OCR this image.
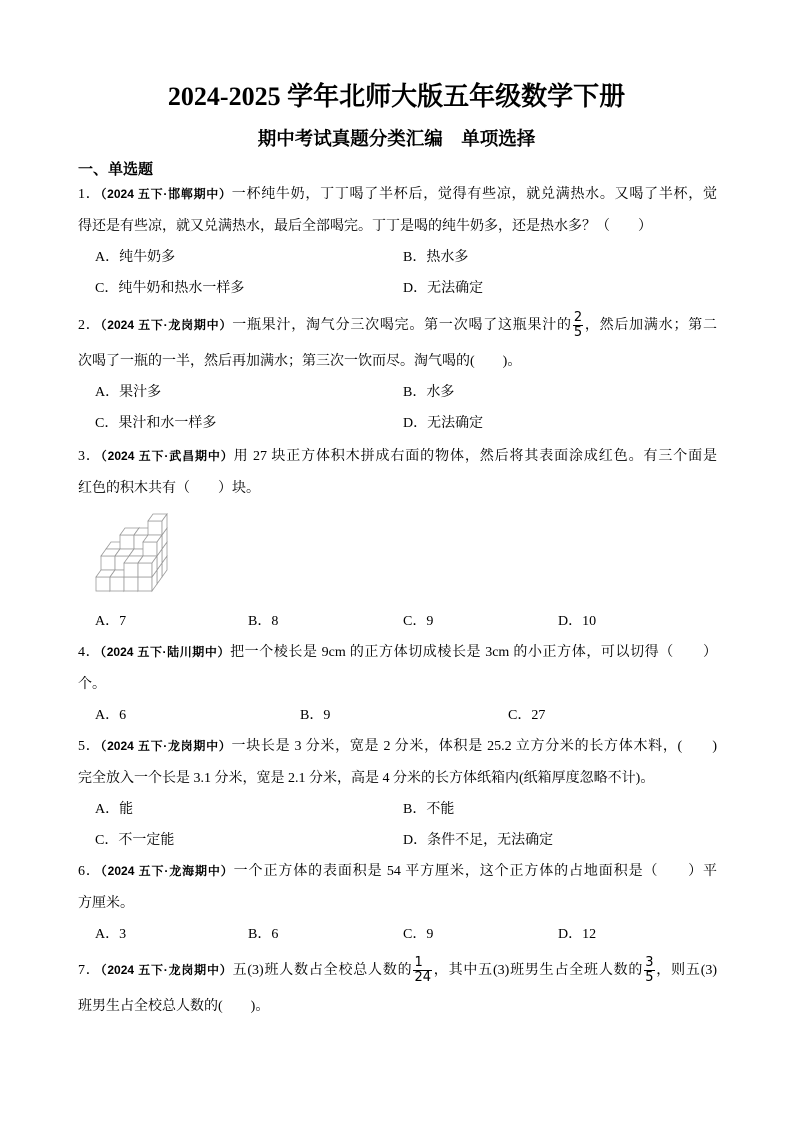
2024-2025 学年北师大版五年级数学下册
期中考试真题分类汇编　单项选择
一、单选题
1．（2024 五下·邯郸期中）一杯纯牛奶，丁丁喝了半杯后，觉得有些凉，就兑满热水。又喝了半杯，觉
得还是有些凉，就又兑满热水，最后全部喝完。丁丁是喝的纯牛奶多，还是热水多？（　　）
A．纯牛奶多	B．热水多
C．纯牛奶和热水一样多	D．无法确定
2．（2024 五下·龙岗期中）一瓶果汁，淘气分三次喝完。第一次喝了这瓶果汁的 $\frac{2}{5}$ ，然后加满水；第二
次喝了一瓶的一半，然后再加满水；第三次一饮而尽。淘气喝的(　　)。
A．果汁多	B．水多
C．果汁和水一样多	D．无法确定
3．（2024 五下·武昌期中）用 27 块正方体积木拼成右面的物体，然后将其表面涂成红色。有三个面是
红色的积木共有（　　）块。
A．7	B．8	C．9	D．10
4．（2024 五下·陆川期中）把一个棱长是 9cm 的正方体切成棱长是 3cm 的小正方体，可以切得（　　）
个。
A．6	B．9	C．27
5．（2024 五下·龙岗期中）一块长是 3 分米，宽是 2 分米，体积是 25.2 立方分米的长方体木料，(　　)
完全放入一个长是 3.1 分米，宽是 2.1 分米，高是 4 分米的长方体纸箱内(纸箱厚度忽略不计)。
A．能	B．不能
C．不一定能	D．条件不足，无法确定
6．（2024 五下·龙海期中）一个正方体的表面积是 54 平方厘米，这个正方体的占地面积是（　　）平
方厘米。
A．3	B．6	C．9	D．12
7．（2024 五下·龙岗期中）五(3)班人数占全校总人数的 $\frac{1}{24}$ ，其中五(3)班男生占全班人数的 $\frac{3}{5}$ ，则五(3)
班男生占全校总人数的(　　)。
